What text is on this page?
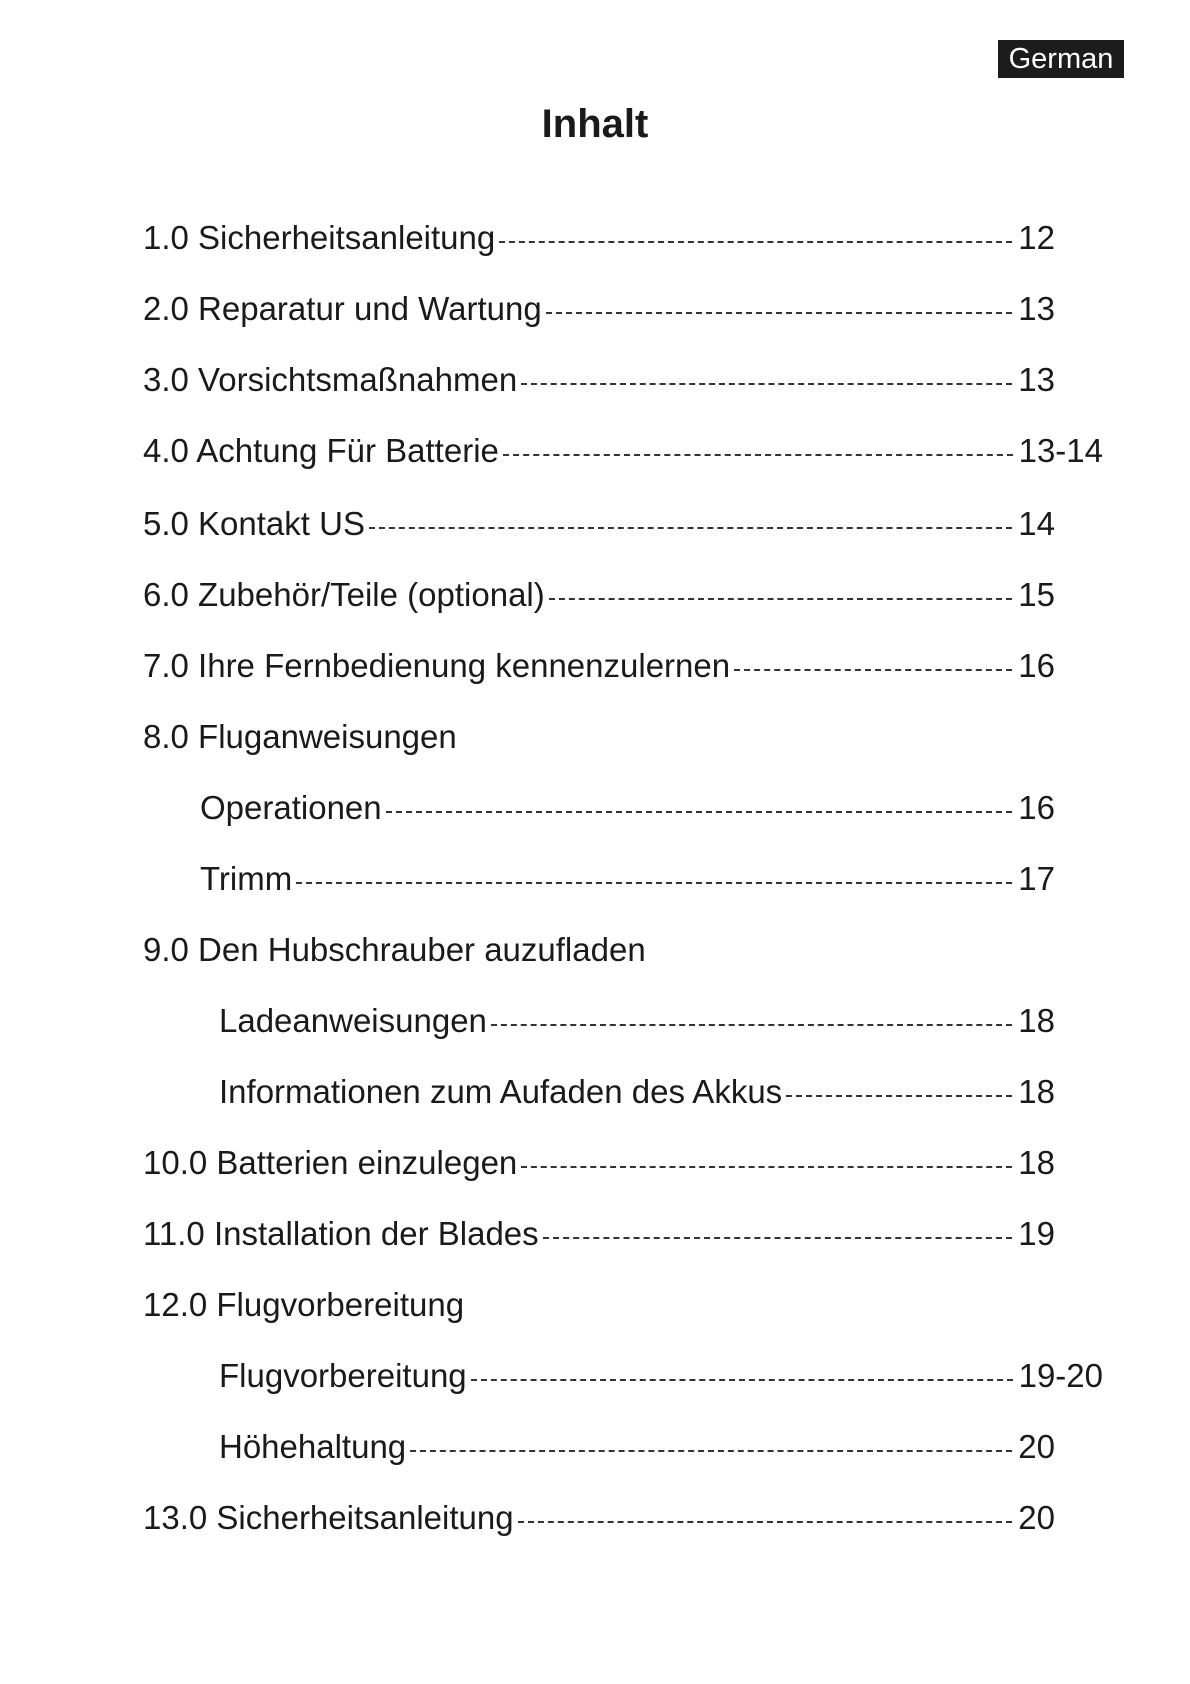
German
Inhalt
1.0 Sicherheitsanleitung	12
2.0 Reparatur und Wartung	13
3.0 Vorsichtsmaßnahmen	13
4.0 Achtung Für Batterie	13-14
5.0 Kontakt US	14
6.0 Zubehör/Teile (optional)	15
7.0 Ihre Fernbedienung kennenzulernen	16
8.0 Fluganweisungen
Operationen	16
Trimm	17
9.0 Den Hubschrauber auzufladen
Ladeanweisungen	18
Informationen zum Aufaden des Akkus	18
10.0 Batterien einzulegen	18
11.0 Installation der Blades	19
12.0 Flugvorbereitung
Flugvorbereitung	19-20
Höhehaltung	20
13.0 Sicherheitsanleitung	20
